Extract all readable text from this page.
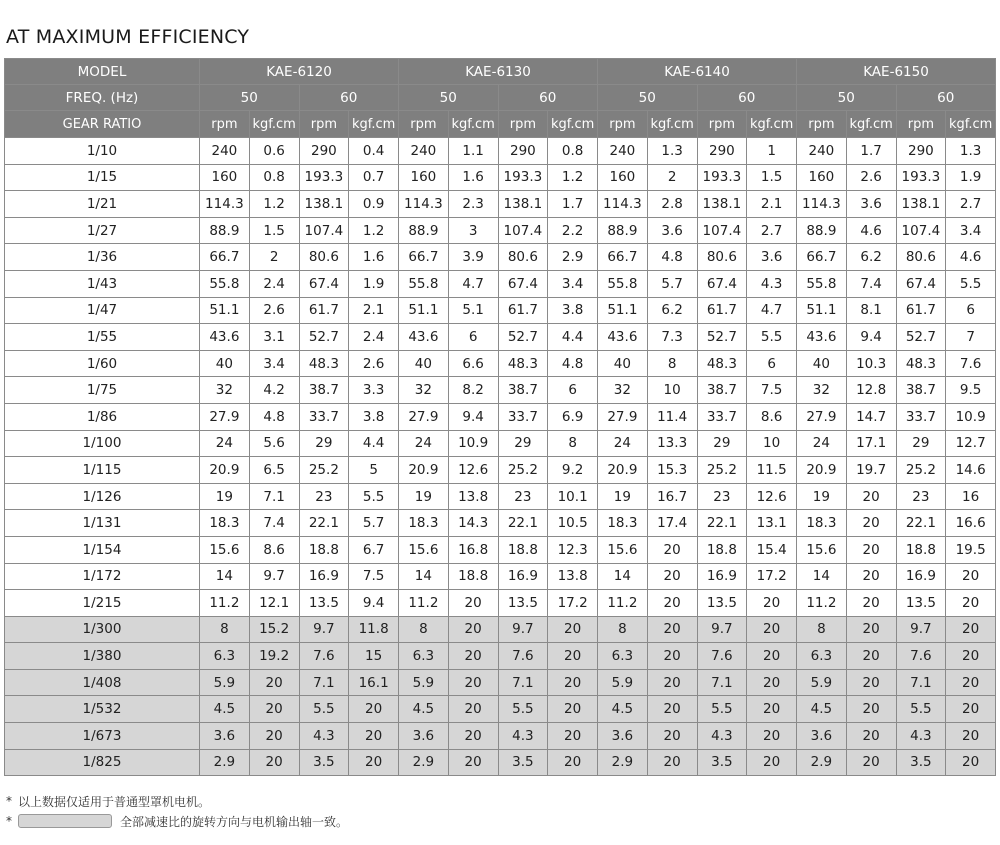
AT MAXIMUM EFFICIENCY
MODEL	KAE-6120				KAE-6130				KAE-6140				KAE-6150			
FREQ. (Hz)	50		60		50		60		50		60		50		60	
GEAR RATIO	rpm	kgf.cm	rpm	kgf.cm	rpm	kgf.cm	rpm	kgf.cm	rpm	kgf.cm	rpm	kgf.cm	rpm	kgf.cm	rpm	kgf.cm
1/10	240	0.6	290	0.4	240	1.1	290	0.8	240	1.3	290	1	240	1.7	290	1.3
1/15	160	0.8	193.3	0.7	160	1.6	193.3	1.2	160	2	193.3	1.5	160	2.6	193.3	1.9
1/21	114.3	1.2	138.1	0.9	114.3	2.3	138.1	1.7	114.3	2.8	138.1	2.1	114.3	3.6	138.1	2.7
1/27	88.9	1.5	107.4	1.2	88.9	3	107.4	2.2	88.9	3.6	107.4	2.7	88.9	4.6	107.4	3.4
1/36	66.7	2	80.6	1.6	66.7	3.9	80.6	2.9	66.7	4.8	80.6	3.6	66.7	6.2	80.6	4.6
1/43	55.8	2.4	67.4	1.9	55.8	4.7	67.4	3.4	55.8	5.7	67.4	4.3	55.8	7.4	67.4	5.5
1/47	51.1	2.6	61.7	2.1	51.1	5.1	61.7	3.8	51.1	6.2	61.7	4.7	51.1	8.1	61.7	6
1/55	43.6	3.1	52.7	2.4	43.6	6	52.7	4.4	43.6	7.3	52.7	5.5	43.6	9.4	52.7	7
1/60	40	3.4	48.3	2.6	40	6.6	48.3	4.8	40	8	48.3	6	40	10.3	48.3	7.6
1/75	32	4.2	38.7	3.3	32	8.2	38.7	6	32	10	38.7	7.5	32	12.8	38.7	9.5
1/86	27.9	4.8	33.7	3.8	27.9	9.4	33.7	6.9	27.9	11.4	33.7	8.6	27.9	14.7	33.7	10.9
1/100	24	5.6	29	4.4	24	10.9	29	8	24	13.3	29	10	24	17.1	29	12.7
1/115	20.9	6.5	25.2	5	20.9	12.6	25.2	9.2	20.9	15.3	25.2	11.5	20.9	19.7	25.2	14.6
1/126	19	7.1	23	5.5	19	13.8	23	10.1	19	16.7	23	12.6	19	20	23	16
1/131	18.3	7.4	22.1	5.7	18.3	14.3	22.1	10.5	18.3	17.4	22.1	13.1	18.3	20	22.1	16.6
1/154	15.6	8.6	18.8	6.7	15.6	16.8	18.8	12.3	15.6	20	18.8	15.4	15.6	20	18.8	19.5
1/172	14	9.7	16.9	7.5	14	18.8	16.9	13.8	14	20	16.9	17.2	14	20	16.9	20
1/215	11.2	12.1	13.5	9.4	11.2	20	13.5	17.2	11.2	20	13.5	20	11.2	20	13.5	20
1/300	8	15.2	9.7	11.8	8	20	9.7	20	8	20	9.7	20	8	20	9.7	20
1/380	6.3	19.2	7.6	15	6.3	20	7.6	20	6.3	20	7.6	20	6.3	20	7.6	20
1/408	5.9	20	7.1	16.1	5.9	20	7.1	20	5.9	20	7.1	20	5.9	20	7.1	20
1/532	4.5	20	5.5	20	4.5	20	5.5	20	4.5	20	5.5	20	4.5	20	5.5	20
1/673	3.6	20	4.3	20	3.6	20	4.3	20	3.6	20	4.3	20	3.6	20	4.3	20
1/825	2.9	20	3.5	20	2.9	20	3.5	20	2.9	20	3.5	20	2.9	20	3.5	20
* 以上数据仅适用于普通型罩机电机。
*	全部减速比的旋转方向与电机输出轴一致。
